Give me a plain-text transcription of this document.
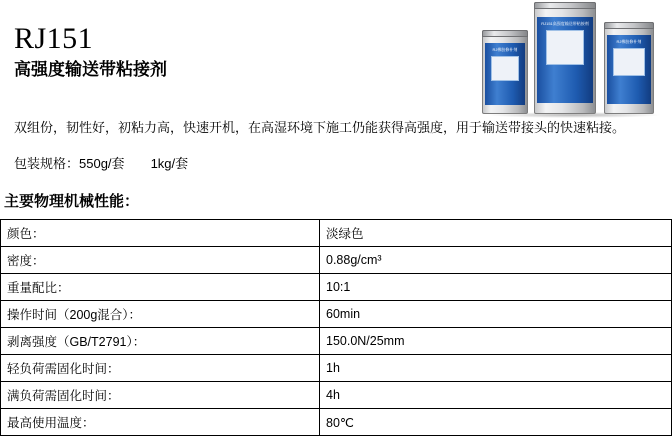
RJ151
高强度输送带粘接剂
RJ橡胶修补剂
RJ151高强度输送带粘接剂
RJ橡胶修补剂
双组份，韧性好，初粘力高，快速开机，在高湿环境下施工仍能获得高强度，用于输送带接头的快速粘接。
包装规格：550g/套 1kg/套
主要物理机械性能：
颜色：	淡绿色
密度：	0.88g/cm³
重量配比：	10:1
操作时间（200g混合）：	60min
剥离强度（GB/T2791）：	150.0N/25mm
轻负荷需固化时间：	1h
满负荷需固化时间：	4h
最高使用温度：	80℃
